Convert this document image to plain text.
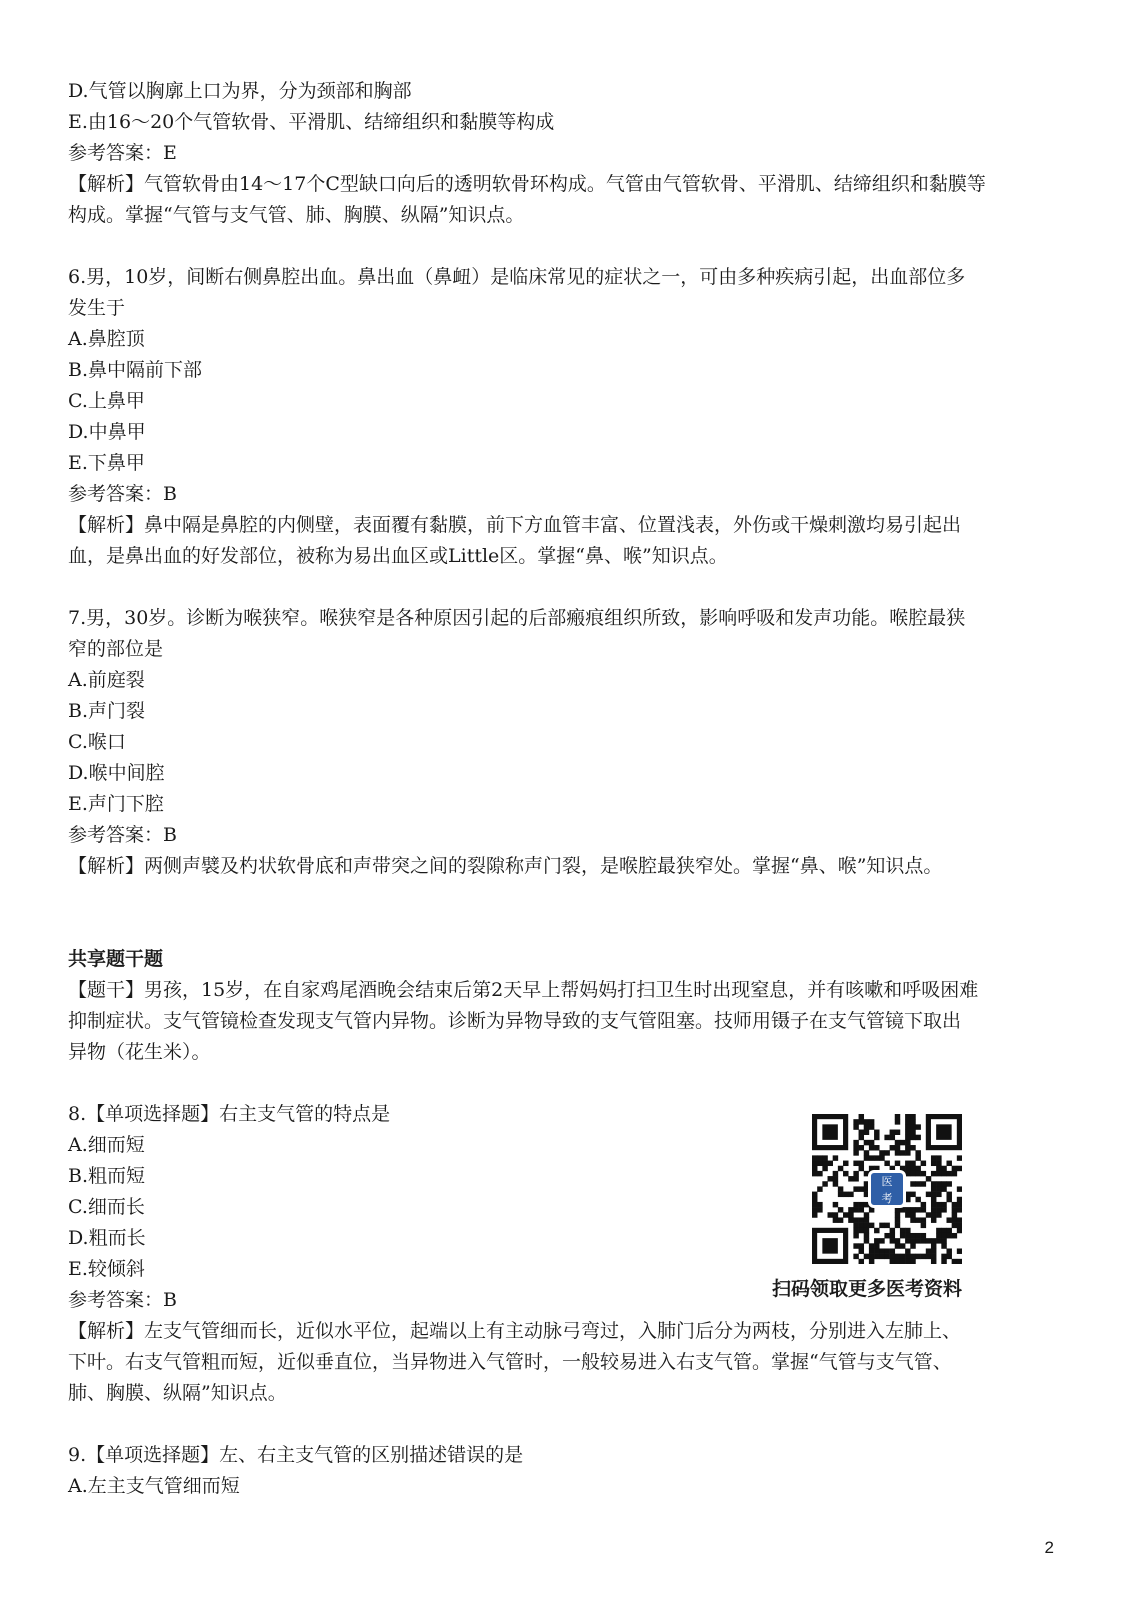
D.气管以胸廓上口为界，分为颈部和胸部
E.由16～20个气管软骨、平滑肌、结缔组织和黏膜等构成
参考答案：E
【解析】气管软骨由14～17个C型缺口向后的透明软骨环构成。气管由气管软骨、平滑肌、结缔组织和黏膜等
构成。掌握“气管与支气管、肺、胸膜、纵隔”知识点。
6.男，10岁，间断右侧鼻腔出血。鼻出血（鼻衄）是临床常见的症状之一，可由多种疾病引起，出血部位多
发生于
A.鼻腔顶
B.鼻中隔前下部
C.上鼻甲
D.中鼻甲
E.下鼻甲
参考答案：B
【解析】鼻中隔是鼻腔的内侧壁，表面覆有黏膜，前下方血管丰富、位置浅表，外伤或干燥刺激均易引起出
血，是鼻出血的好发部位，被称为易出血区或Little区。掌握“鼻、喉”知识点。
7.男，30岁。诊断为喉狭窄。喉狭窄是各种原因引起的后部瘢痕组织所致，影响呼吸和发声功能。喉腔最狭
窄的部位是
A.前庭裂
B.声门裂
C.喉口
D.喉中间腔
E.声门下腔
参考答案：B
【解析】两侧声襞及杓状软骨底和声带突之间的裂隙称声门裂，是喉腔最狭窄处。掌握“鼻、喉”知识点。
共享题干题
【题干】男孩，15岁，在自家鸡尾酒晚会结束后第2天早上帮妈妈打扫卫生时出现窒息，并有咳嗽和呼吸困难
抑制症状。支气管镜检查发现支气管内异物。诊断为异物导致的支气管阻塞。技师用镊子在支气管镜下取出
异物（花生米）。
8.【单项选择题】右主支气管的特点是
A.细而短
B.粗而短
C.细而长
D.粗而长
E.较倾斜
参考答案：B
【解析】左支气管细而长，近似水平位，起端以上有主动脉弓弯过，入肺门后分为两枝，分别进入左肺上、
下叶。右支气管粗而短，近似垂直位，当异物进入气管时，一般较易进入右支气管。掌握“气管与支气管、
肺、胸膜、纵隔”知识点。
9.【单项选择题】左、右主支气管的区别描述错误的是
A.左主支气管细而短
医
考
扫码领取更多医考资料
2
